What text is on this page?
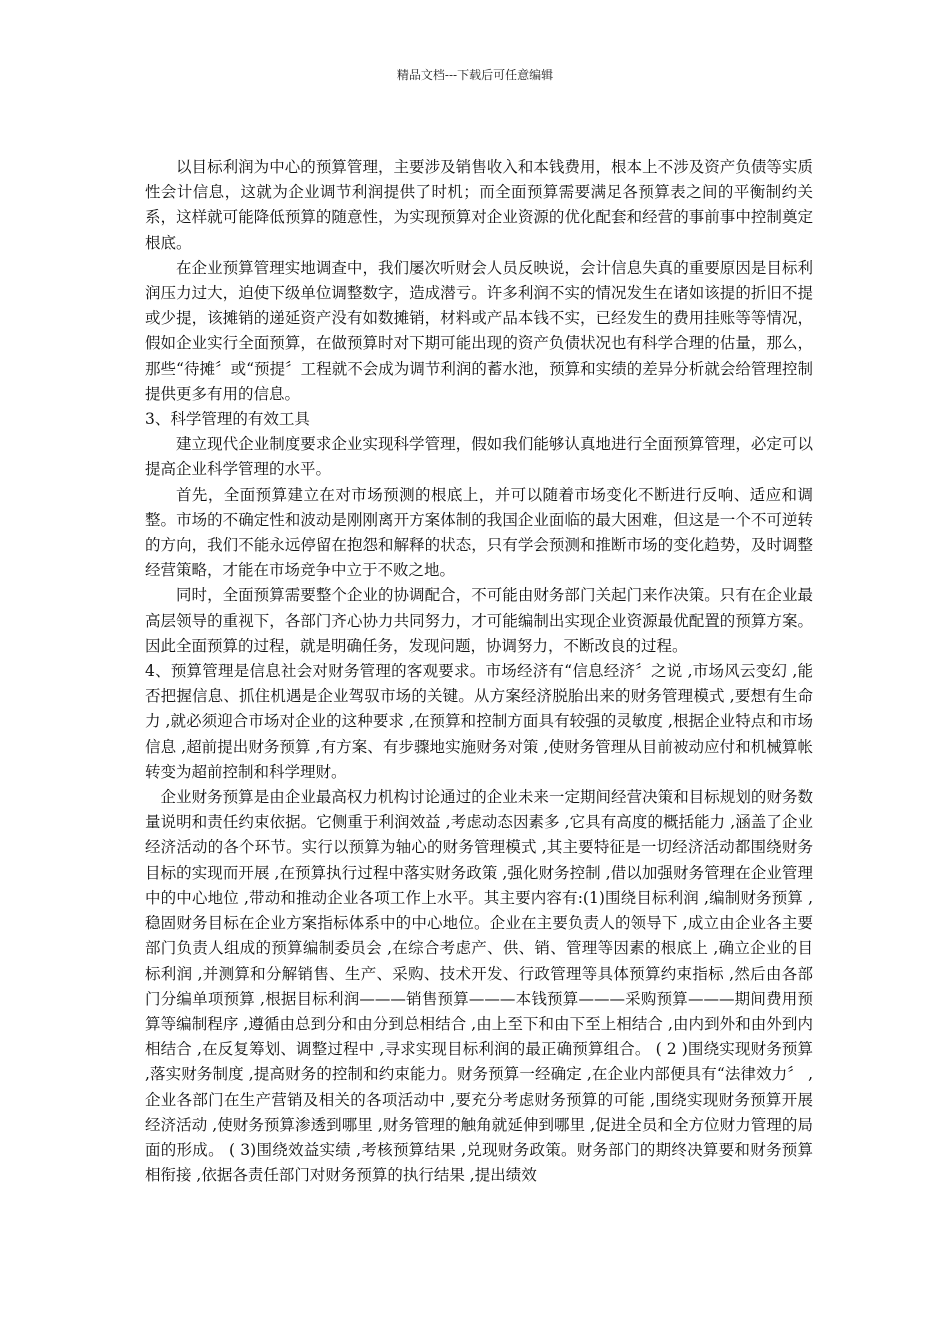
精品文档---下载后可任意编辑

以目标利润为中心的预算管理，主要涉及销售收入和本钱费用，根本上不涉及资产负债等实质性会计信息，这就为企业调节利润提供了时机；而全面预算需要满足各预算表之间的平衡制约关系，这样就可能降低预算的随意性，为实现预算对企业资源的优化配套和经营的事前事中控制奠定根底。

在企业预算管理实地调查中，我们屡次听财会人员反映说，会计信息失真的重要原因是目标利润压力过大，迫使下级单位调整数字，造成潜亏。许多利润不实的情况发生在诸如该提的折旧不提或少提，该摊销的递延资产没有如数摊销，材料或产品本钱不实，已经发生的费用挂账等等情况，假如企业实行全面预算，在做预算时对下期可能出现的资产负债状况也有科学合理的估量，那么，那些“待摊〞或“预提〞工程就不会成为调节利润的蓄水池，预算和实绩的差异分析就会给管理控制提供更多有用的信息。

3、科学管理的有效工具

建立现代企业制度要求企业实现科学管理，假如我们能够认真地进行全面预算管理，必定可以提高企业科学管理的水平。

首先，全面预算建立在对市场预测的根底上，并可以随着市场变化不断进行反响、适应和调整。市场的不确定性和波动是刚刚离开方案体制的我国企业面临的最大困难，但这是一个不可逆转的方向，我们不能永远停留在抱怨和解释的状态，只有学会预测和推断市场的变化趋势，及时调整经营策略，才能在市场竞争中立于不败之地。

同时，全面预算需要整个企业的协调配合，不可能由财务部门关起门来作决策。只有在企业最高层领导的重视下，各部门齐心协力共同努力，才可能编制出实现企业资源最优配置的预算方案。因此全面预算的过程，就是明确任务，发现问题，协调努力，不断改良的过程。

4、预算管理是信息社会对财务管理的客观要求。市场经济有“信息经济〞之说 ,市场风云变幻 ,能否把握信息、抓住机遇是企业驾驭市场的关键。从方案经济脱胎出来的财务管理模式 ,要想有生命力 ,就必须迎合市场对企业的这种要求 ,在预算和控制方面具有较强的灵敏度 ,根据企业特点和市场信息 ,超前提出财务预算 ,有方案、有步骤地实施财务对策 ,使财务管理从目前被动应付和机械算帐转变为超前控制和科学理财。

企业财务预算是由企业最高权力机构讨论通过的企业未来一定期间经营决策和目标规划的财务数量说明和责任约束依据。它侧重于利润效益 ,考虑动态因素多 ,它具有高度的概括能力 ,涵盖了企业经济活动的各个环节。实行以预算为轴心的财务管理模式 ,其主要特征是一切经济活动都围绕财务目标的实现而开展 ,在预算执行过程中落实财务政策 ,强化财务控制 ,借以加强财务管理在企业管理中的中心地位 ,带动和推动企业各项工作上水平。其主要内容有:(1)围绕目标利润 ,编制财务预算 ,稳固财务目标在企业方案指标体系中的中心地位。企业在主要负责人的领导下 ,成立由企业各主要部门负责人组成的预算编制委员会 ,在综合考虑产、供、销、管理等因素的根底上 ,确立企业的目标利润 ,并测算和分解销售、生产、采购、技术开发、行政管理等具体预算约束指标 ,然后由各部门分编单项预算 ,根据目标利润———销售预算———本钱预算———采购预算———期间费用预算等编制程序 ,遵循由总到分和由分到总相结合 ,由上至下和由下至上相结合 ,由内到外和由外到内相结合 ,在反复筹划、调整过程中 ,寻求实现目标利润的最正确预算组合。 ( 2 )围绕实现财务预算 ,落实财务制度 ,提高财务的控制和约束能力。财务预算一经确定 ,在企业内部便具有“法律效力〞 ,企业各部门在生产营销及相关的各项活动中 ,要充分考虑财务预算的可能 ,围绕实现财务预算开展经济活动 ,使财务预算渗透到哪里 ,财务管理的触角就延伸到哪里 ,促进全员和全方位财力管理的局面的形成。 ( 3)围绕效益实绩 ,考核预算结果 ,兑现财务政策。财务部门的期终决算要和财务预算相衔接 ,依据各责任部门对财务预算的执行结果 ,提出绩效
